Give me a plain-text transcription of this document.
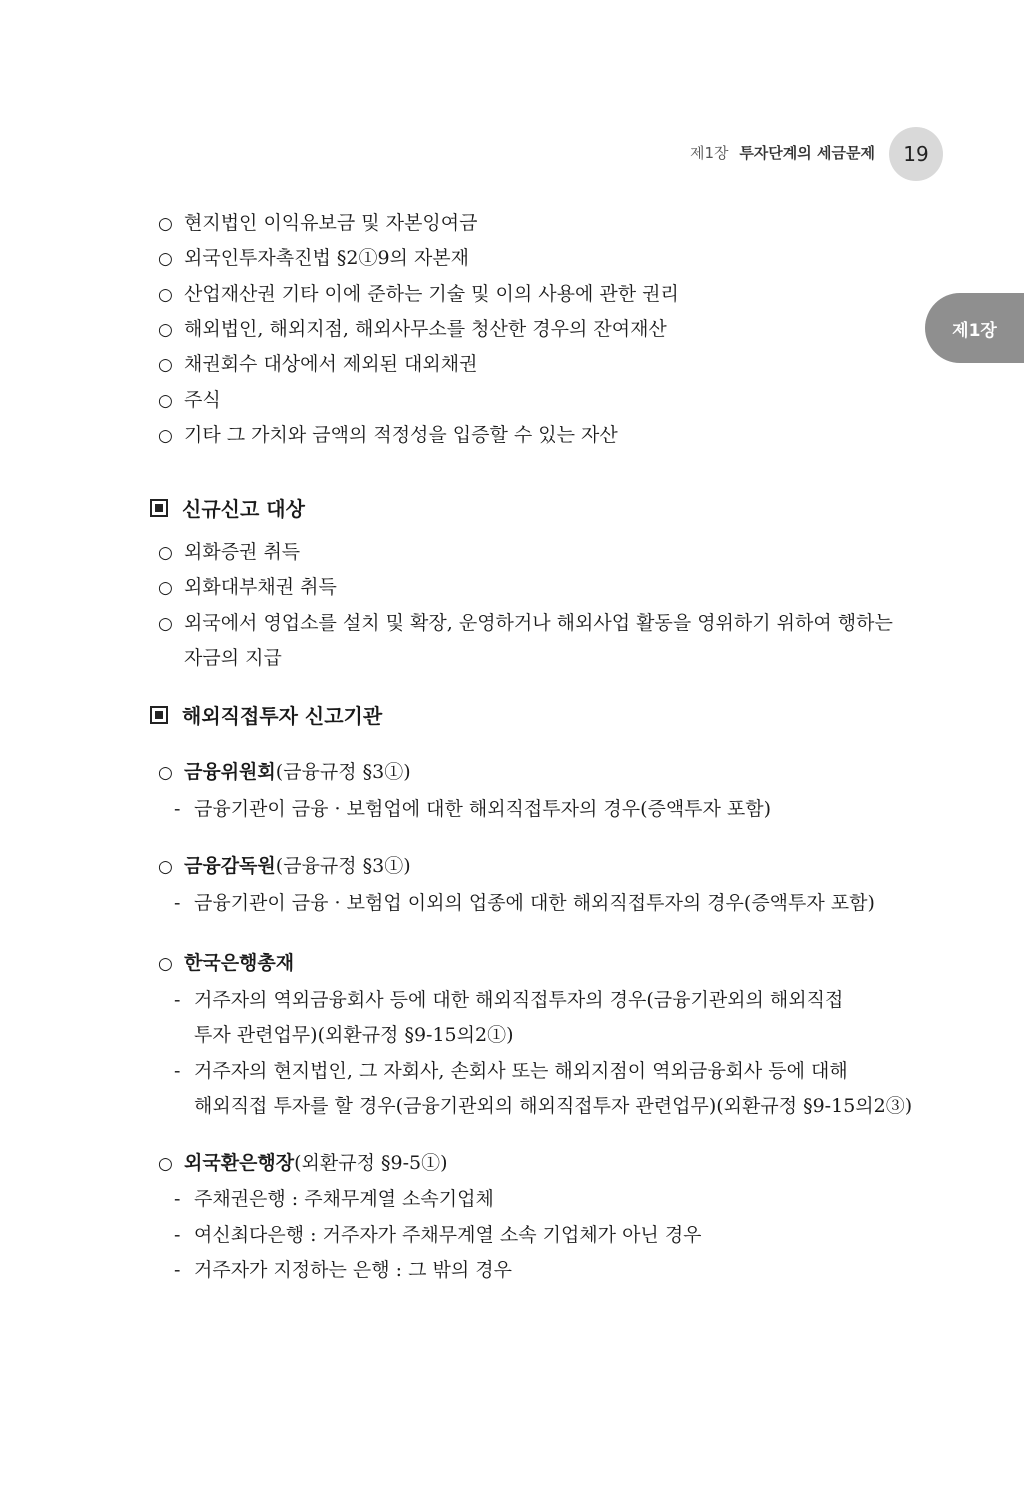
제1장 투자단계의 세금문제	19
제1장
○ 현지법인 이익유보금 및 자본잉여금
○ 외국인투자촉진법 §2①9의 자본재
○ 산업재산권 기타 이에 준하는 기술 및 이의 사용에 관한 권리
○ 해외법인, 해외지점, 해외사무소를 청산한 경우의 잔여재산
○ 채권회수 대상에서 제외된 대외채권
○ 주식
○ 기타 그 가치와 금액의 적정성을 입증할 수 있는 자산
신규신고 대상
○ 외화증권 취득
○ 외화대부채권 취득
○ 외국에서 영업소를 설치 및 확장, 운영하거나 해외사업 활동을 영위하기 위하여 행하는
자금의 지급
해외직접투자 신고기관
○ 금융위원회(금융규정 §3①)
- 금융기관이 금융 · 보험업에 대한 해외직접투자의 경우(증액투자 포함)
○ 금융감독원(금융규정 §3①)
- 금융기관이 금융 · 보험업 이외의 업종에 대한 해외직접투자의 경우(증액투자 포함)
○ 한국은행총재
- 거주자의 역외금융회사 등에 대한 해외직접투자의 경우(금융기관외의 해외직접
투자 관련업무)(외환규정 §9-15의2①)
- 거주자의 현지법인, 그 자회사, 손회사 또는 해외지점이 역외금융회사 등에 대해
해외직접 투자를 할 경우(금융기관외의 해외직접투자 관련업무)(외환규정 §9-15의2③)
○ 외국환은행장(외환규정 §9-5①)
- 주채권은행 : 주채무계열 소속기업체
- 여신최다은행 : 거주자가 주채무계열 소속 기업체가 아닌 경우
- 거주자가 지정하는 은행 : 그 밖의 경우
